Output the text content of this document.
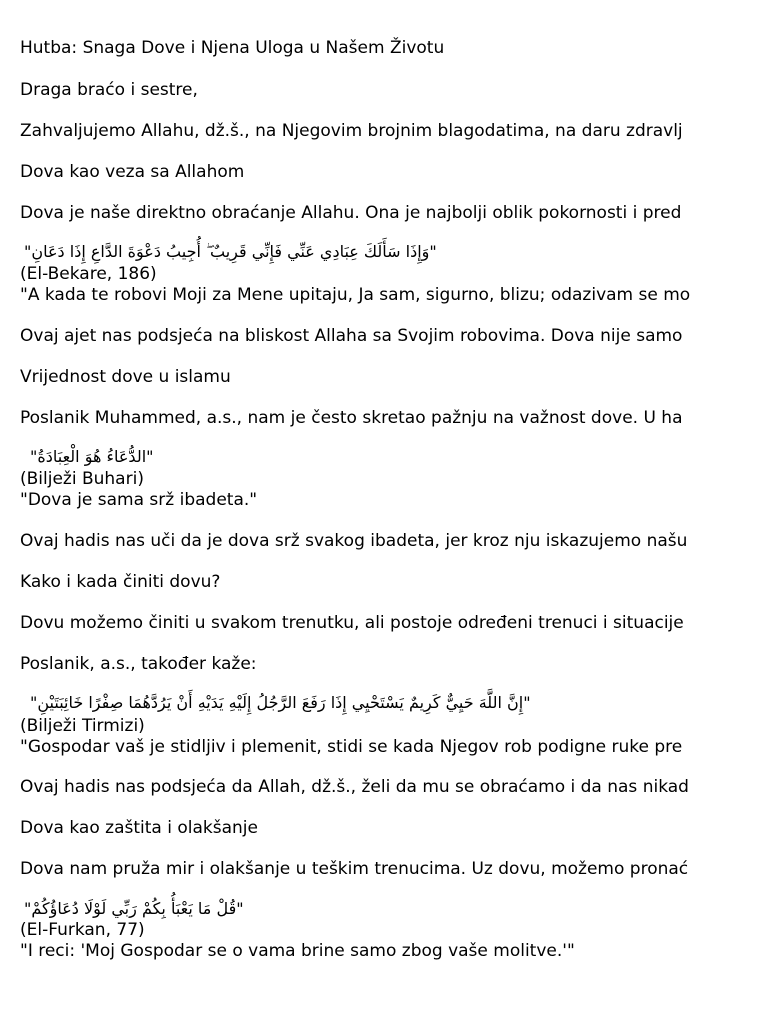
Hutba: Snaga Dove i Njena Uloga u Našem Životu
Draga braćo i sestre,
Zahvaljujemo Allahu, dž.š., na Njegovim brojnim blagodatima, na daru zdravlj
Dova kao veza sa Allahom
Dova je naše direktno obraćanje Allahu. Ona je najbolji oblik pokornosti i pred
"وَإِذَا سَأَلَكَ عِبَادِي عَنِّي فَإِنِّي قَرِيبٌ ۖ أُجِيبُ دَعْوَةَ الدَّاعِ إِذَا دَعَانِ"
(El-Bekare, 186)
"A kada te robovi Moji za Mene upitaju, Ja sam, sigurno, blizu; odazivam se mo
Ovaj ajet nas podsjeća na bliskost Allaha sa Svojim robovima. Dova nije samo
Vrijednost dove u islamu
Poslanik Muhammed, a.s., nam je često skretao pažnju na važnost dove. U ha
"الدُّعَاءُ هُوَ الْعِبَادَةُ"
(Bilježi Buhari)
"Dova je sama srž ibadeta."
Ovaj hadis nas uči da je dova srž svakog ibadeta, jer kroz nju iskazujemo našu
Kako i kada činiti dovu?
Dovu možemo činiti u svakom trenutku, ali postoje određeni trenuci i situacije
Poslanik, a.s., također kaže:
"إِنَّ اللَّهَ حَيِيٌّ كَرِيمٌ يَسْتَحْيِي إِذَا رَفَعَ الرَّجُلُ إِلَيْهِ يَدَيْهِ أَنْ يَرُدَّهُمَا صِفْرًا خَائِبَتَيْنِ"
(Bilježi Tirmizi)
"Gospodar vaš je stidljiv i plemenit, stidi se kada Njegov rob podigne ruke pre
Ovaj hadis nas podsjeća da Allah, dž.š., želi da mu se obraćamo i da nas nikad
Dova kao zaštita i olakšanje
Dova nam pruža mir i olakšanje u teškim trenucima. Uz dovu, možemo pronać
"قُلْ مَا يَعْبَأُ بِكُمْ رَبِّي لَوْلَا دُعَاؤُكُمْ"
(El-Furkan, 77)
"I reci: 'Moj Gospodar se o vama brine samo zbog vaše molitve.'"
